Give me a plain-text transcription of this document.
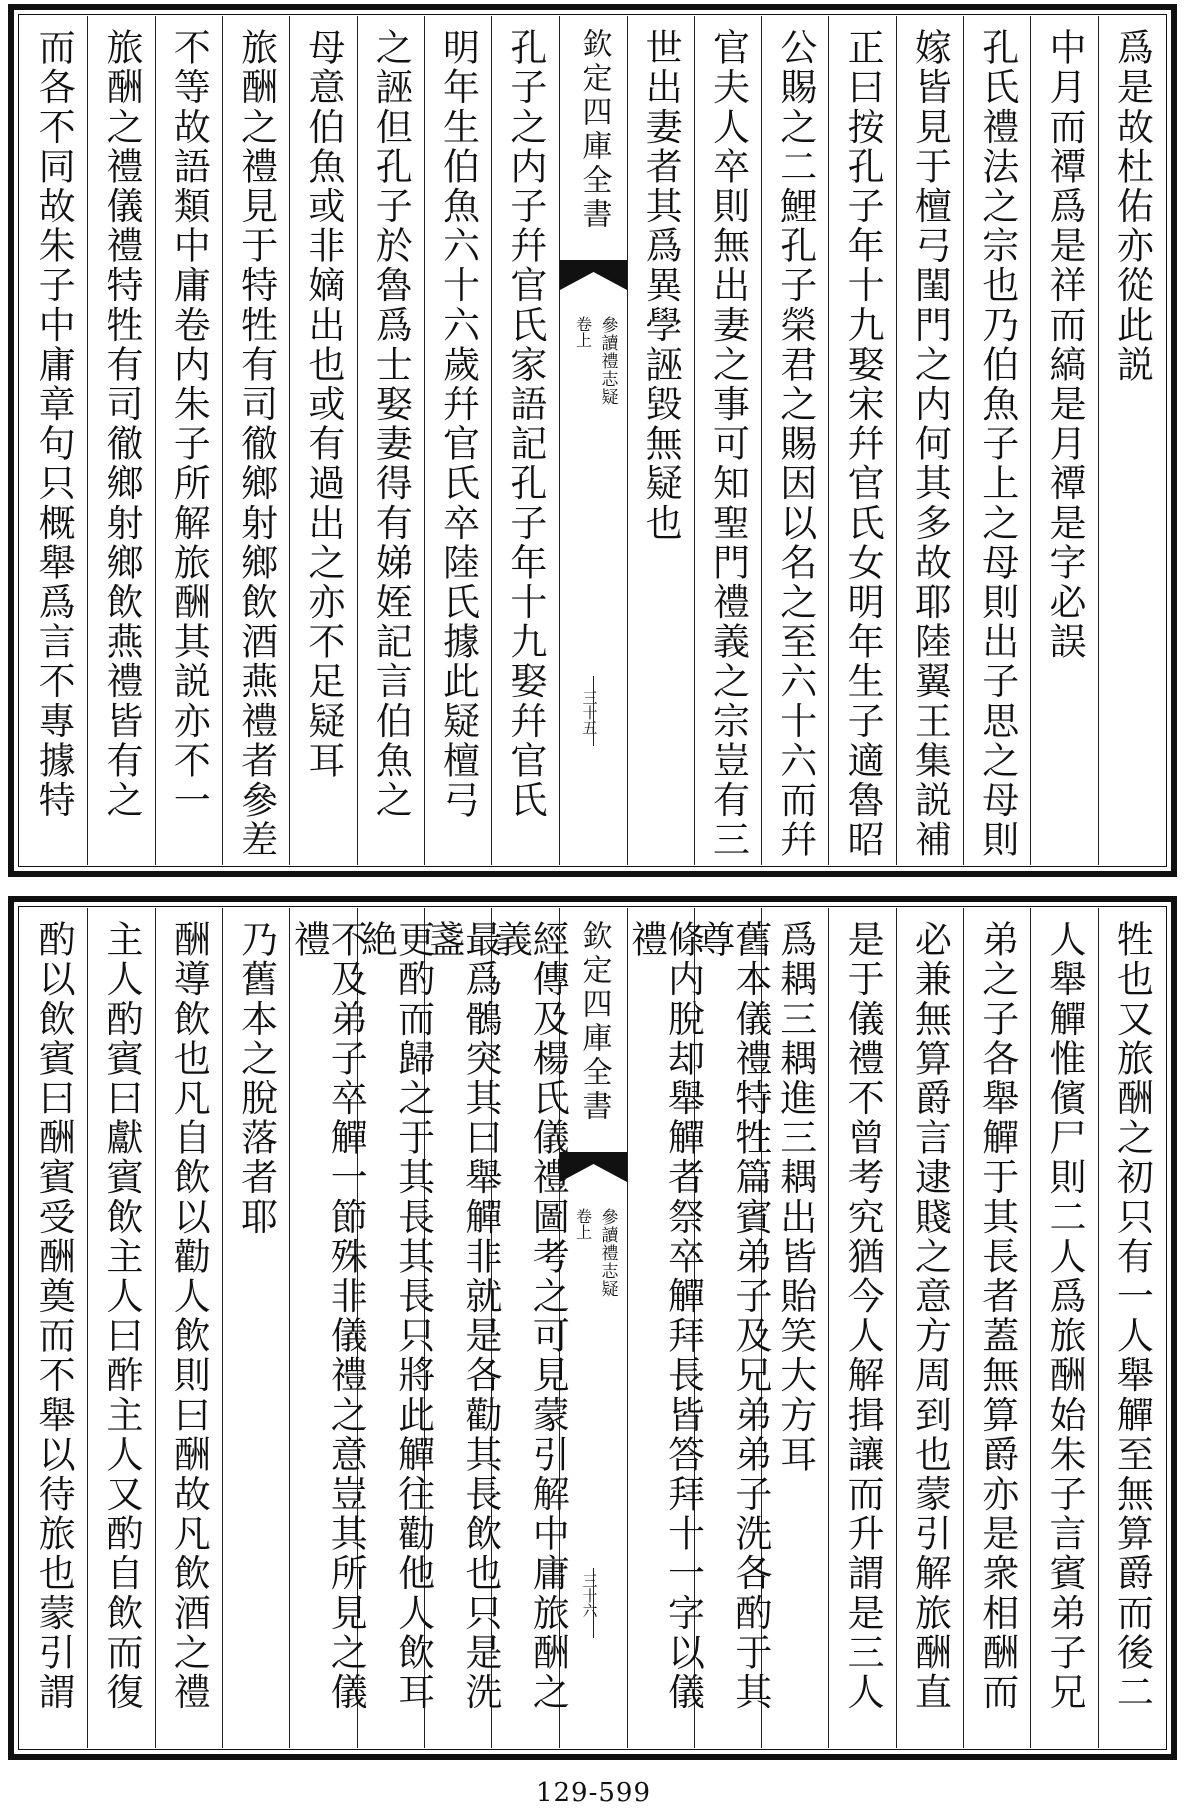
爲是故杜佑亦從此説
中月而禫爲是祥而縞是月禫是字必誤
孔氏禮法之宗也乃伯魚子上之母則出子思之母則
嫁皆見于檀弓閨門之内何其多故耶陸翼王集説補
正曰按孔子年十九娶宋幷官氏女明年生子適魯昭
公賜之二鯉孔子榮君之賜因以名之至六十六而幷
官夫人卒則無出妻之事可知聖門禮義之宗豈有三
世出妻者其爲異學誣毀無疑也
欽定四庫全書
參讀禮志疑
卷上
三十五
孔子之内子幷官氏家語記孔子年十九娶幷官氏
明年生伯魚六十六歲幷官氏卒陸氏據此疑檀弓
之誣但孔子於魯爲士娶妻得有娣姪記言伯魚之
母意伯魚或非嫡出也或有過出之亦不足疑耳
旅酬之禮見于特牲有司徹鄉射鄉飲酒燕禮者參差
不等故語類中庸卷内朱子所解旅酬其説亦不一
旅酬之禮儀禮特牲有司徹鄉射鄉飲燕禮皆有之
而各不同故朱子中庸章句只概舉爲言不專據特
牲也又旅酬之初只有一人舉觶至無算爵而後二
人舉觶惟儐尸則二人爲旅酬始朱子言賓弟子兄
弟之子各舉觶于其長者蓋無算爵亦是衆相酬而
必兼無算爵言逮賤之意方周到也蒙引解旅酬直
是于儀禮不曾考究猶今人解揖讓而升謂是三人
爲耦三耦進三耦出皆貽笑大方耳
舊本儀禮特牲篇賓弟子及兄弟弟子洗各酌于其尊
條内脫却舉觶者祭卒觶拜長皆答拜十一字以儀禮
欽定四庫全書
參讀禮志疑
卷上
三十六
經傳及楊氏儀禮圖考之可見蒙引解中庸旅酬之義
最爲鶻突其曰舉觶非就是各勸其長飲也只是洗盞
更酌而歸之于其長其長只將此觶往勸他人飲耳絶
不及弟子卒觶一節殊非儀禮之意豈其所見之儀禮
乃舊本之脫落者耶
酬導飲也凡自飲以勸人飲則曰酬故凡飲酒之禮
主人酌賓曰獻賓飲主人曰酢主人又酌自飲而復
酌以飲賓曰酬賓受酬奠而不舉以待旅也蒙引謂
129-599
